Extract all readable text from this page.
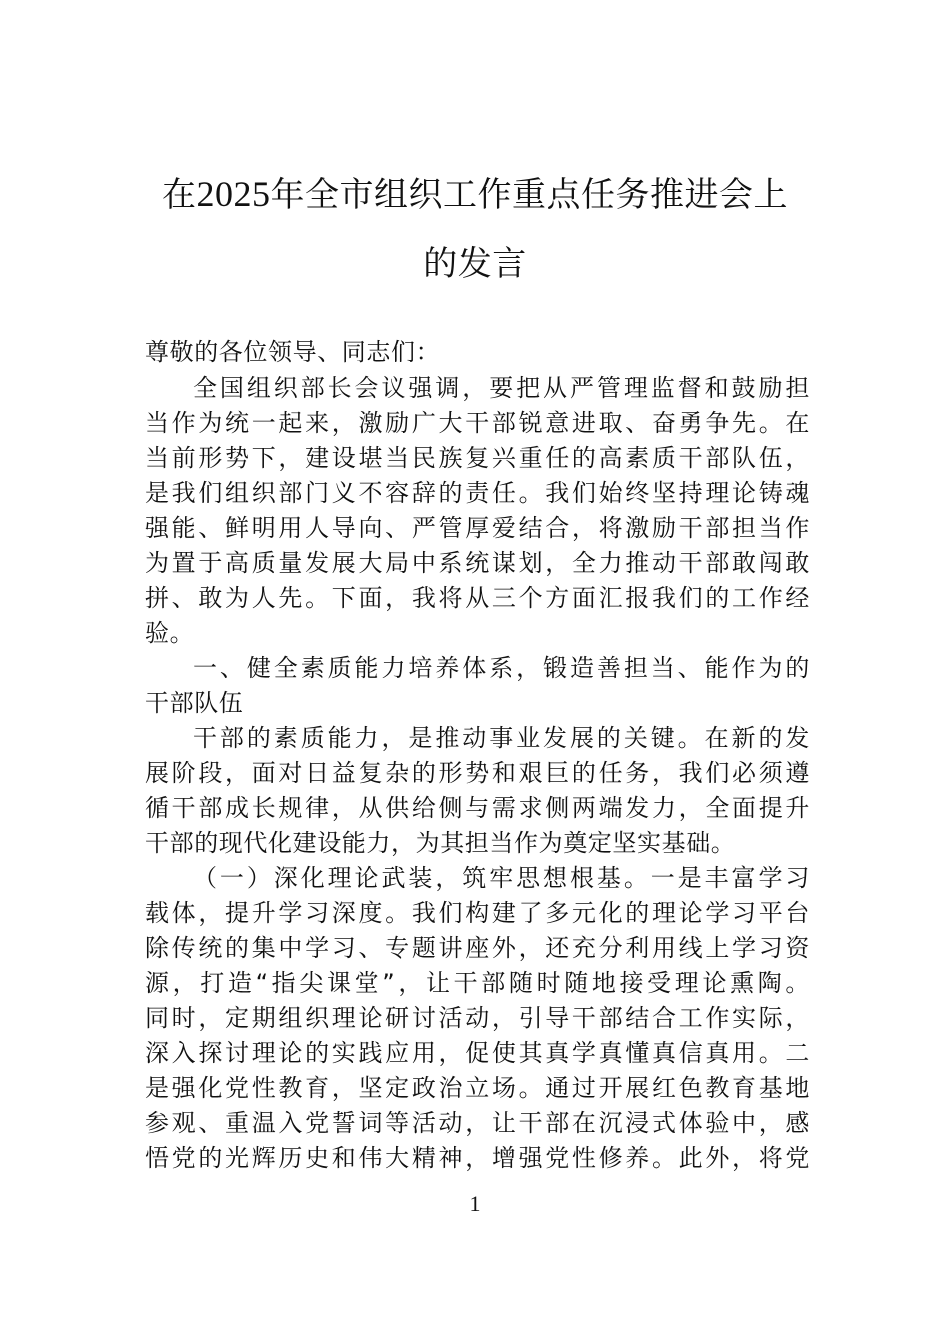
在2025年全市组织工作重点任务推进会上
的发言
尊敬的各位领导、同志们：
全国组织部长会议强调，要把从严管理监督和鼓励担
当作为统一起来，激励广大干部锐意进取、奋勇争先。在
当前形势下，建设堪当民族复兴重任的高素质干部队伍，
是我们组织部门义不容辞的责任。我们始终坚持理论铸魂
强能、鲜明用人导向、严管厚爱结合，将激励干部担当作
为置于高质量发展大局中系统谋划，全力推动干部敢闯敢
拼、敢为人先。下面，我将从三个方面汇报我们的工作经
验。
一、健全素质能力培养体系，锻造善担当、能作为的
干部队伍
干部的素质能力，是推动事业发展的关键。在新的发
展阶段，面对日益复杂的形势和艰巨的任务，我们必须遵
循干部成长规律，从供给侧与需求侧两端发力，全面提升
干部的现代化建设能力，为其担当作为奠定坚实基础。
（一）深化理论武装，筑牢思想根基。一是丰富学习
载体，提升学习深度。我们构建了多元化的理论学习平台
除传统的集中学习、专题讲座外，还充分利用线上学习资
源，打造“指尖课堂”，让干部随时随地接受理论熏陶。
同时，定期组织理论研讨活动，引导干部结合工作实际，
深入探讨理论的实践应用，促使其真学真懂真信真用。二
是强化党性教育，坚定政治立场。通过开展红色教育基地
参观、重温入党誓词等活动，让干部在沉浸式体验中，感
悟党的光辉历史和伟大精神，增强党性修养。此外，将党
1
